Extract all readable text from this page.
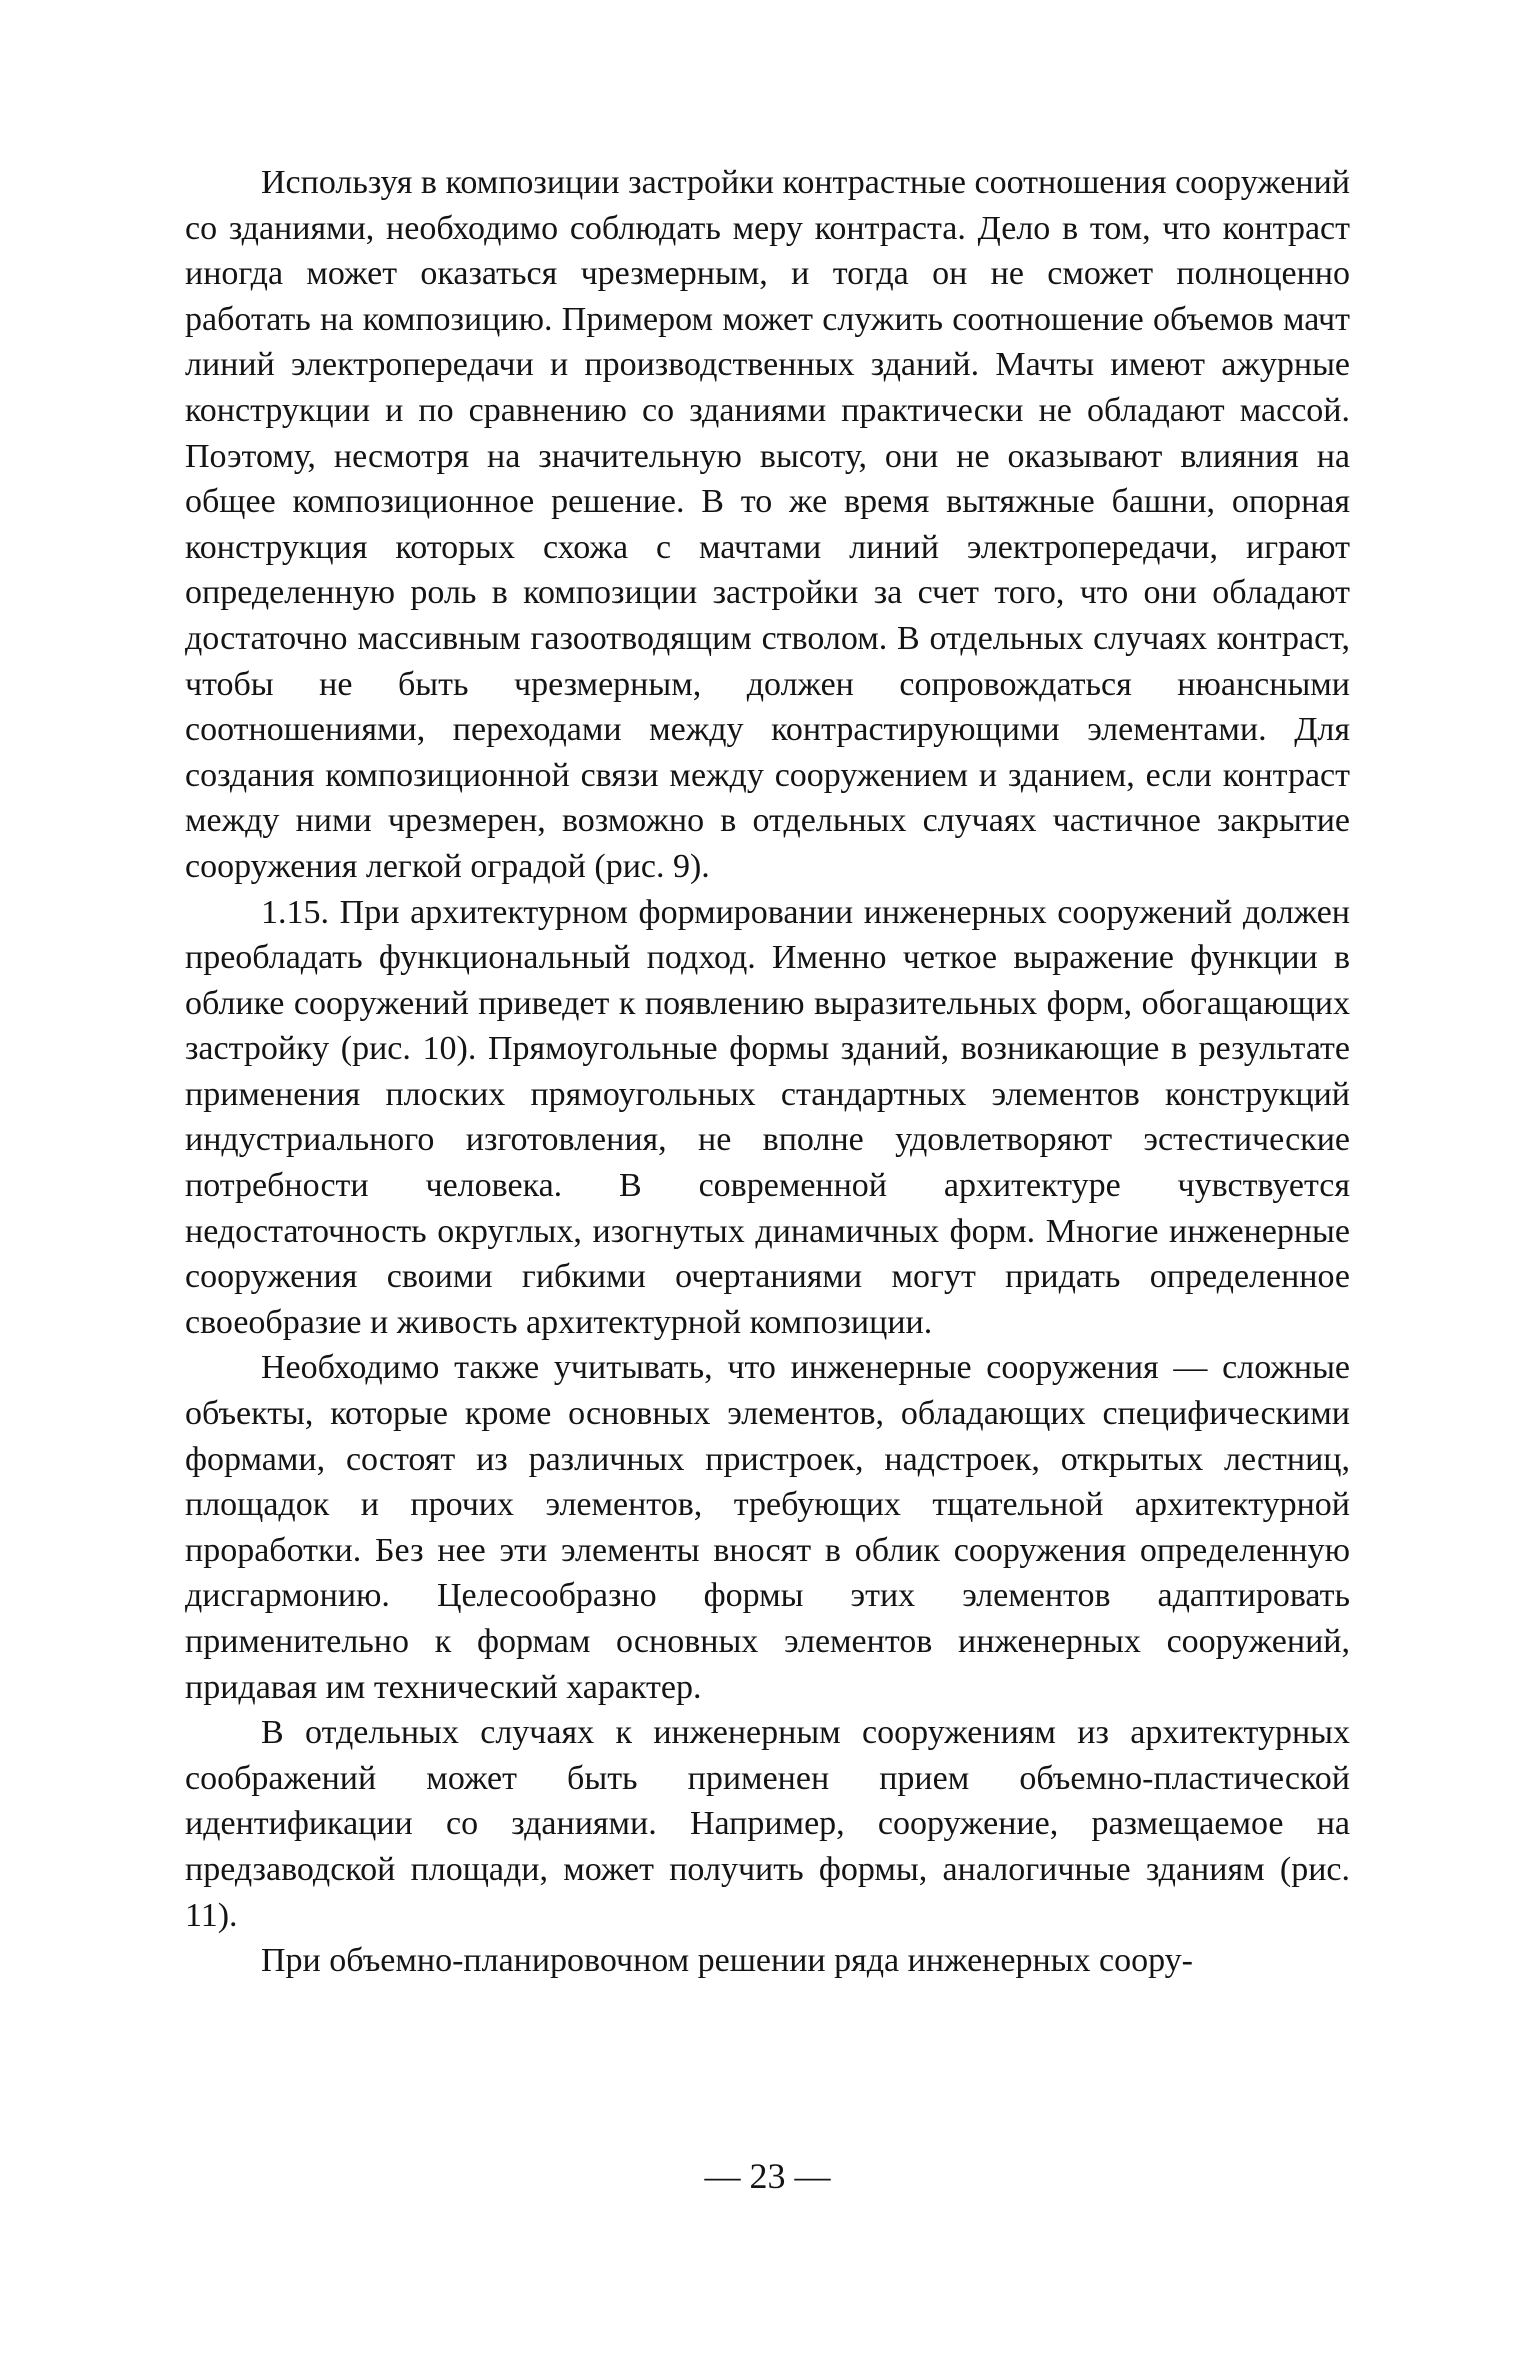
Используя в композиции застройки контрастные соотношения сооружений со зданиями, необходимо соблюдать меру контраста. Дело в том, что контраст иногда может оказаться чрезмерным, и тогда он не сможет полноценно работать на композицию. Примером может служить соотношение объемов мачт линий электропередачи и производственных зданий. Мачты имеют ажурные конструкции и по сравнению со зданиями практически не обладают массой. Поэтому, несмотря на значительную высоту, они не оказывают влияния на общее композиционное решение. В то же время вытяжные башни, опорная конструкция которых схожа с мачтами линий электропередачи, играют определенную роль в композиции застройки за счет того, что они обладают достаточно массивным газоотводящим стволом. В отдельных случаях контраст, чтобы не быть чрезмерным, должен сопровождаться нюансными соотношениями, переходами между контрастирующими элементами. Для создания композиционной связи между сооружением и зданием, если контраст между ними чрезмерен, возможно в отдельных случаях частичное закрытие сооружения легкой оградой (рис. 9).

1.15. При архитектурном формировании инженерных сооружений должен преобладать функциональный подход. Именно четкое выражение функции в облике сооружений приведет к появлению выразительных форм, обогащающих застройку (рис. 10). Прямоугольные формы зданий, возникающие в результате применения плоских прямоугольных стандартных элементов конструкций индустриального изготовления, не вполне удовлетворяют эстестические потребности человека. В современной архитектуре чувствуется недостаточность округлых, изогнутых динамичных форм. Многие инженерные сооружения своими гибкими очертаниями могут придать определенное своеобразие и живость архитектурной композиции.

Необходимо также учитывать, что инженерные сооружения — сложные объекты, которые кроме основных элементов, обладающих специфическими формами, состоят из различных пристроек, надстроек, открытых лестниц, площадок и прочих элементов, требующих тщательной архитектурной проработки. Без нее эти элементы вносят в облик сооружения определенную дисгармонию. Целесообразно формы этих элементов адаптировать применительно к формам основных элементов инженерных сооружений, придавая им технический характер.

В отдельных случаях к инженерным сооружениям из архитектурных соображений может быть применен прием объемно-пластической идентификации со зданиями. Например, сооружение, размещаемое на предзаводской площади, может получить формы, аналогичные зданиям (рис. 11).

При объемно-планировочном решении ряда инженерных соору-

— 23 —
